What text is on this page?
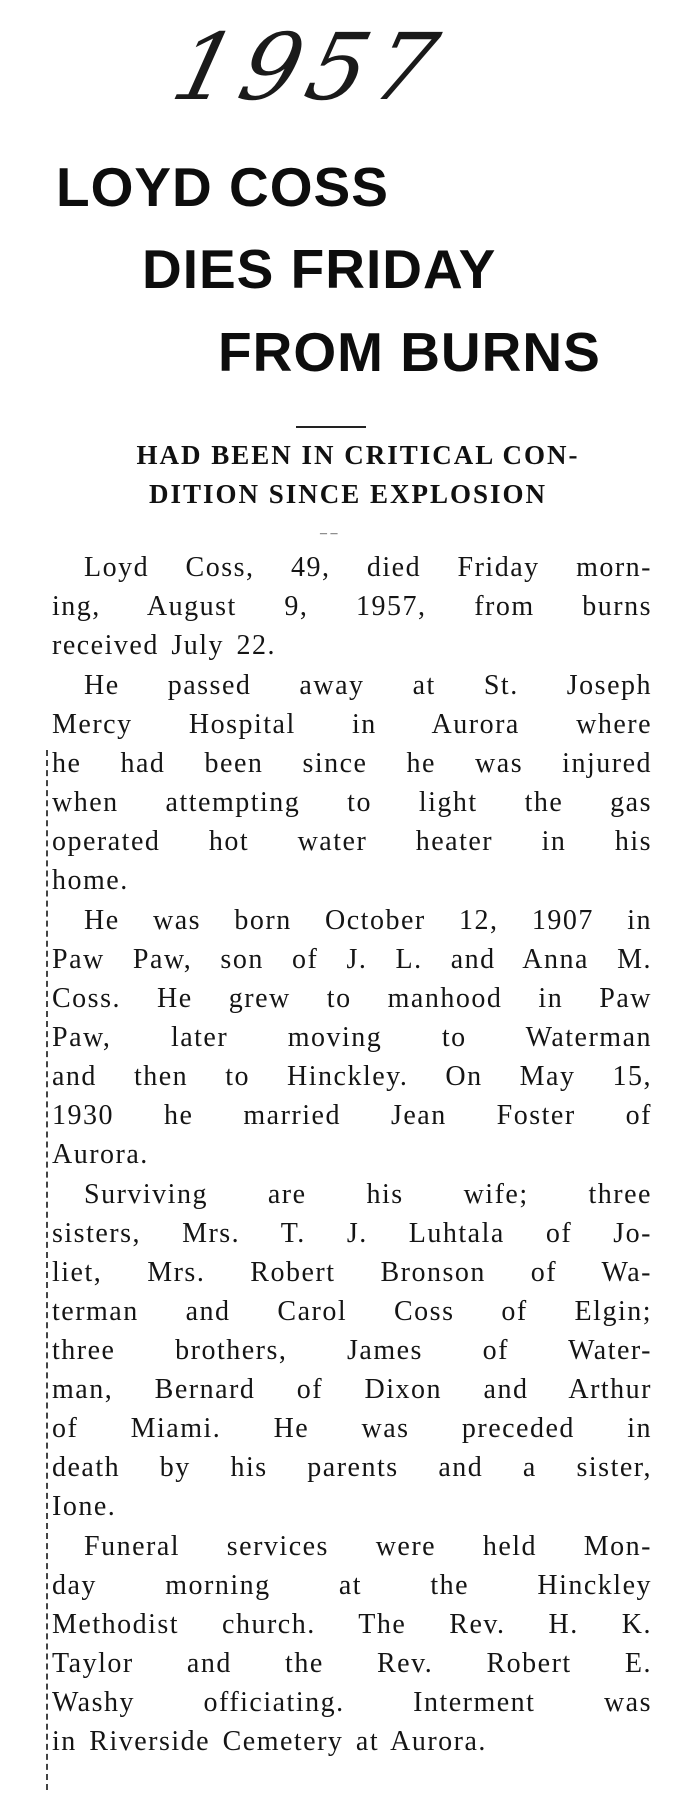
1957
LOYD COSS
DIES FRIDAY
FROM BURNS
HAD BEEN IN CRITICAL CON-
DITION SINCE EXPLOSION
– –
Loyd Coss, 49, died Friday morn-
ing, August 9, 1957, from burns
received July 22.
He passed away at St. Joseph
Mercy Hospital in Aurora where
he had been since he was injured
when attempting to light the gas
operated hot water heater in his
home.
He was born October 12, 1907 in
Paw Paw, son of J. L. and Anna M.
Coss. He grew to manhood in Paw
Paw, later moving to Waterman
and then to Hinckley. On May 15,
1930 he married Jean Foster of
Aurora.
Surviving are his wife; three
sisters, Mrs. T. J. Luhtala of Jo-
liet, Mrs. Robert Bronson of Wa-
terman and Carol Coss of Elgin;
three brothers, James of Water-
man, Bernard of Dixon and Arthur
of Miami. He was preceded in
death by his parents and a sister,
Ione.
Funeral services were held Mon-
day morning at the Hinckley
Methodist church. The Rev. H. K.
Taylor and the Rev. Robert E.
Washy officiating. Interment was
in Riverside Cemetery at Aurora.
